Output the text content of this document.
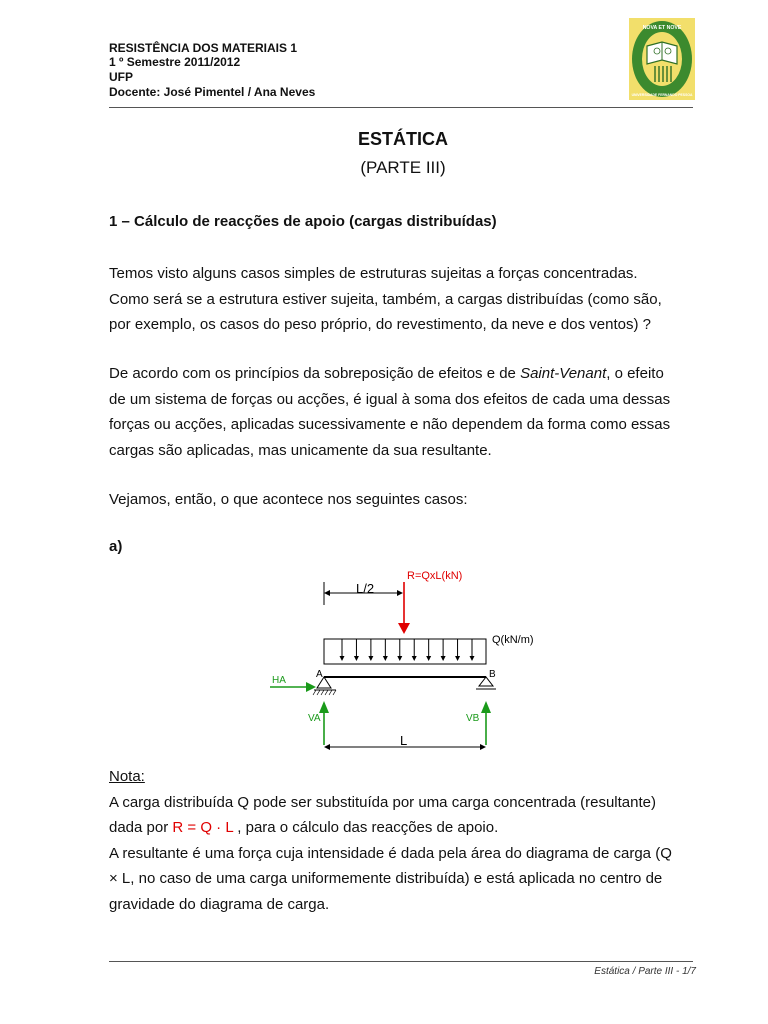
RESISTÊNCIA DOS MATERIAIS 1
1 º Semestre 2011/2012
UFP
Docente: José Pimentel / Ana Neves
NOVA ET NOVE
UNIVERSIDADE FERNANDO PESSOA
ESTÁTICA
(PARTE III)
1 – Cálculo de reacções de apoio (cargas distribuídas)
Temos visto alguns casos simples de estruturas sujeitas a forças concentradas.
Como será se a estrutura estiver sujeita, também, a cargas distribuídas (como são,
por exemplo, os casos do peso próprio, do revestimento, da neve e dos ventos) ?
De acordo com os princípios da sobreposição de efeitos e de Saint-Venant, o efeito
de um sistema de forças ou acções, é igual à soma dos efeitos de cada uma dessas
forças ou acções, aplicadas sucessivamente e não dependem da forma como essas
cargas são aplicadas, mas unicamente da sua resultante.
Vejamos, então, o que acontece nos seguintes casos:
a)
L/2
R=QxL(kN)
Q(kN/m)
A	B
HA
VA	VB
L
Nota:
A carga distribuída Q pode ser substituída por uma carga concentrada (resultante)
dada por R = Q · L , para o cálculo das reacções de apoio.
A resultante é uma força cuja intensidade é dada pela área do diagrama de carga (Q
× L, no caso de uma carga uniformemente distribuída) e está aplicada no centro de
gravidade do diagrama de carga.
Estática / Parte III - 1/7
